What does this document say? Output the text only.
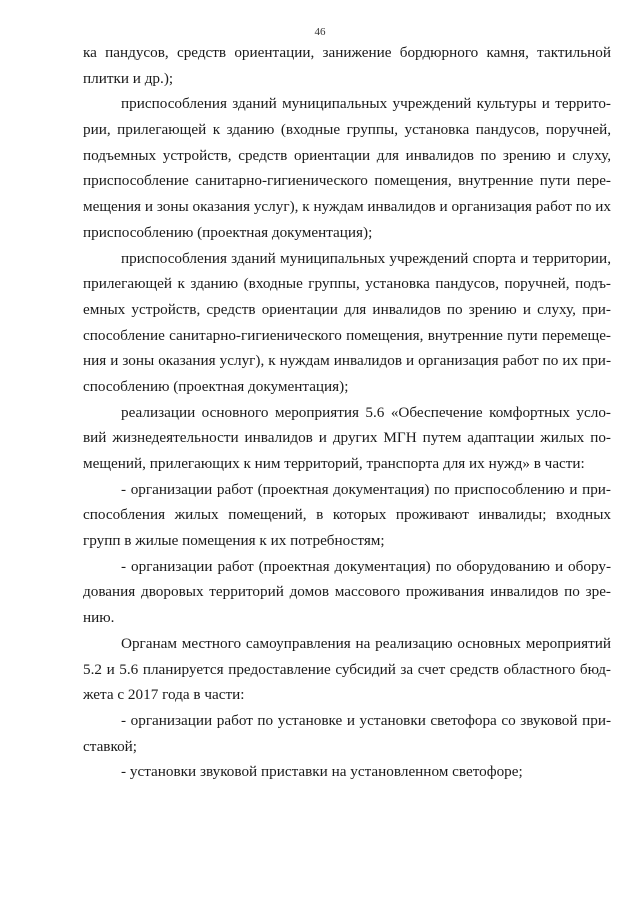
46
ка пандусов, средств ориентации, занижение бордюрного камня, тактильной
плитки и др.);
приспособления зданий муниципальных учреждений культуры и террито-
рии, прилегающей к зданию (входные группы, установка пандусов, поручней,
подъемных устройств, средств ориентации для инвалидов по зрению и слуху,
приспособление санитарно-гигиенического помещения, внутренние пути пере-
мещения и зоны оказания услуг), к нуждам инвалидов и организация работ по их
приспособлению (проектная документация);
приспособления зданий муниципальных учреждений спорта и территории,
прилегающей к зданию (входные группы, установка пандусов, поручней, подъ-
емных устройств, средств ориентации для инвалидов по зрению и слуху, при-
способление санитарно-гигиенического помещения, внутренние пути перемеще-
ния и зоны оказания услуг), к нуждам инвалидов и организация работ по их при-
способлению (проектная документация);
реализации основного мероприятия 5.6 «Обеспечение комфортных усло-
вий жизнедеятельности инвалидов и других МГН путем адаптации жилых по-
мещений, прилегающих к ним территорий, транспорта для их нужд» в части:
- организации работ (проектная документация) по приспособлению и при-
способления жилых помещений, в которых проживают инвалиды; входных
групп в жилые помещения к их потребностям;
- организации работ (проектная документация) по оборудованию и обору-
дования дворовых территорий домов массового проживания инвалидов по зре-
нию.
Органам местного самоуправления на реализацию основных мероприятий
5.2 и 5.6 планируется предоставление субсидий за счет средств областного бюд-
жета с 2017 года в части:
- организации работ по установке и установки светофора со звуковой при-
ставкой;
- установки звуковой приставки на установленном светофоре;
